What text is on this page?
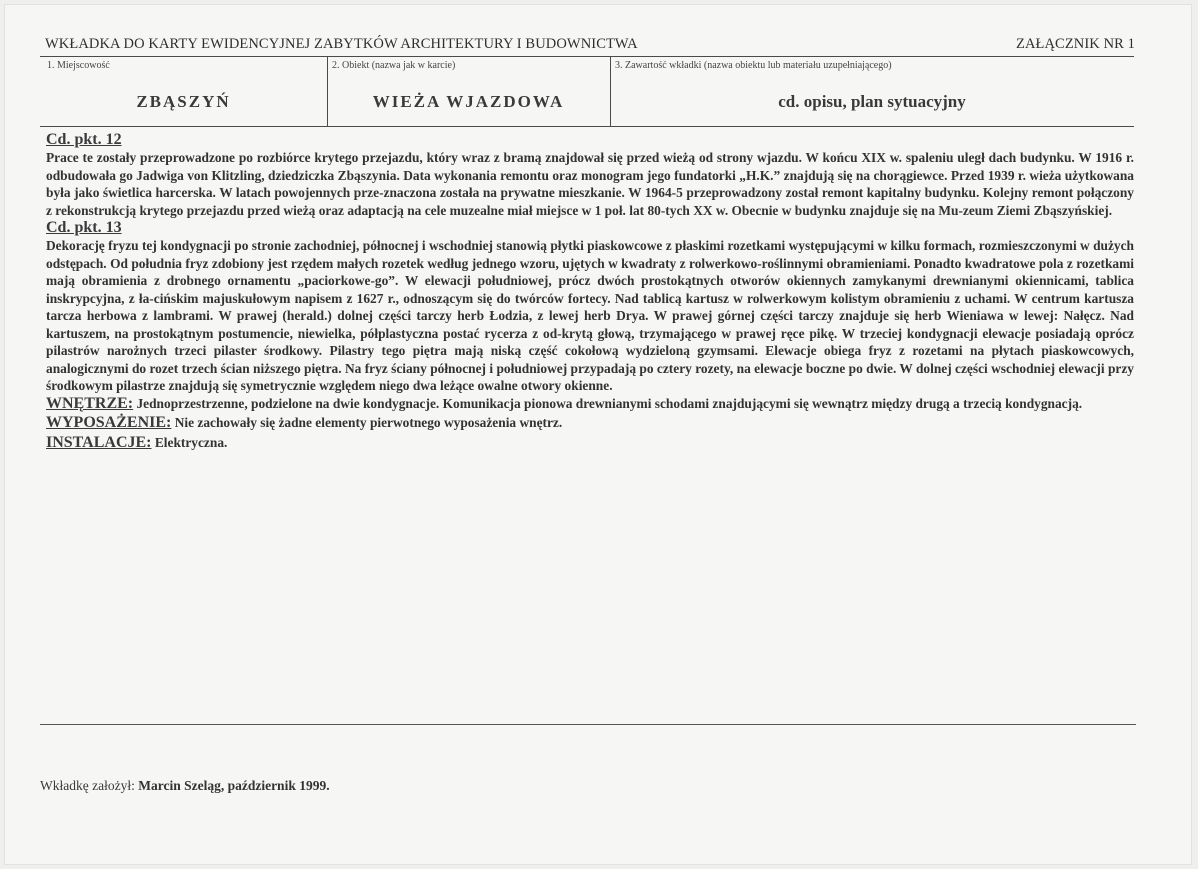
WKŁADKA DO KARTY EWIDENCYJNEJ ZABYTKÓW ARCHITEKTURY I BUDOWNICTWA	ZAŁĄCZNIK NR 1
1. Miejscowość
ZBĄSZYŃ
2. Obiekt (nazwa jak w karcie)
WIEŻA WJAZDOWA
3. Zawartość wkładki (nazwa obiektu lub materiału uzupełniającego)
cd. opisu, plan sytuacyjny
Cd. pkt. 12

Prace te zostały przeprowadzone po rozbiórce krytego przejazdu, który wraz z bramą znajdował się przed wieżą od strony wjazdu. W końcu XIX w. spaleniu uległ dach budynku. W 1916 r. odbudowała go Jadwiga von Klitzling, dziedziczka Zbąszynia. Data wykonania remontu oraz monogram jego fundatorki „H.K.” znajdują się na chorągiewce. Przed 1939 r. wieża użytkowana była jako świetlica harcerska. W latach powojennych prze-znaczona została na prywatne mieszkanie. W 1964-5 przeprowadzony został remont kapitalny budynku. Kolejny remont połączony z rekonstrukcją krytego przejazdu przed wieżą oraz adaptacją na cele muzealne miał miejsce w 1 poł. lat 80-tych XX w. Obecnie w budynku znajduje się na Mu-zeum Ziemi Zbąszyńskiej.

Cd. pkt. 13

Dekorację fryzu tej kondygnacji po stronie zachodniej, północnej i wschodniej stanowią płytki piaskowcowe z płaskimi rozetkami występującymi w kilku formach, rozmieszczonymi w dużych odstępach. Od południa fryz zdobiony jest rzędem małych rozetek według jednego wzoru, ujętych w kwadraty z rolwerkowo-roślinnymi obramieniami. Ponadto kwadratowe pola z rozetkami mają obramienia z drobnego ornamentu „paciorkowe-go”. W elewacji południowej, prócz dwóch prostokątnych otworów okiennych zamykanymi drewnianymi okiennicami, tablica inskrypcyjna, z ła-cińskim majuskułowym napisem z 1627 r., odnoszącym się do twórców fortecy. Nad tablicą kartusz w rolwerkowym kolistym obramieniu z uchami. W centrum kartusza tarcza herbowa z lambrami. W prawej (herald.) dolnej części tarczy herb Łodzia, z lewej herb Drya. W prawej górnej części tarczy znajduje się herb Wieniawa w lewej: Nałęcz. Nad kartuszem, na prostokątnym postumencie, niewielka, półplastyczna postać rycerza z od-krytą głową, trzymającego w prawej ręce pikę. W trzeciej kondygnacji elewacje posiadają oprócz pilastrów narożnych trzeci pilaster środkowy. Pilastry tego piętra mają niską część cokołową wydzieloną gzymsami. Elewacje obiega fryz z rozetami na płytach piaskowcowych, analogicznymi do rozet trzech ścian niższego piętra. Na fryz ściany północnej i południowej przypadają po cztery rozety, na elewacje boczne po dwie. W dolnej części wschodniej elewacji przy środkowym pilastrze znajdują się symetrycznie względem niego dwa leżące owalne otwory okienne.

WNĘTRZE: Jednoprzestrzenne, podzielone na dwie kondygnacje. Komunikacja pionowa drewnianymi schodami znajdującymi się wewnątrz między drugą a trzecią kondygnacją.

WYPOSAŻENIE: Nie zachowały się żadne elementy pierwotnego wyposażenia wnętrz.

INSTALACJE: Elektryczna.

Wkładkę założył: Marcin Szeląg, październik 1999.
